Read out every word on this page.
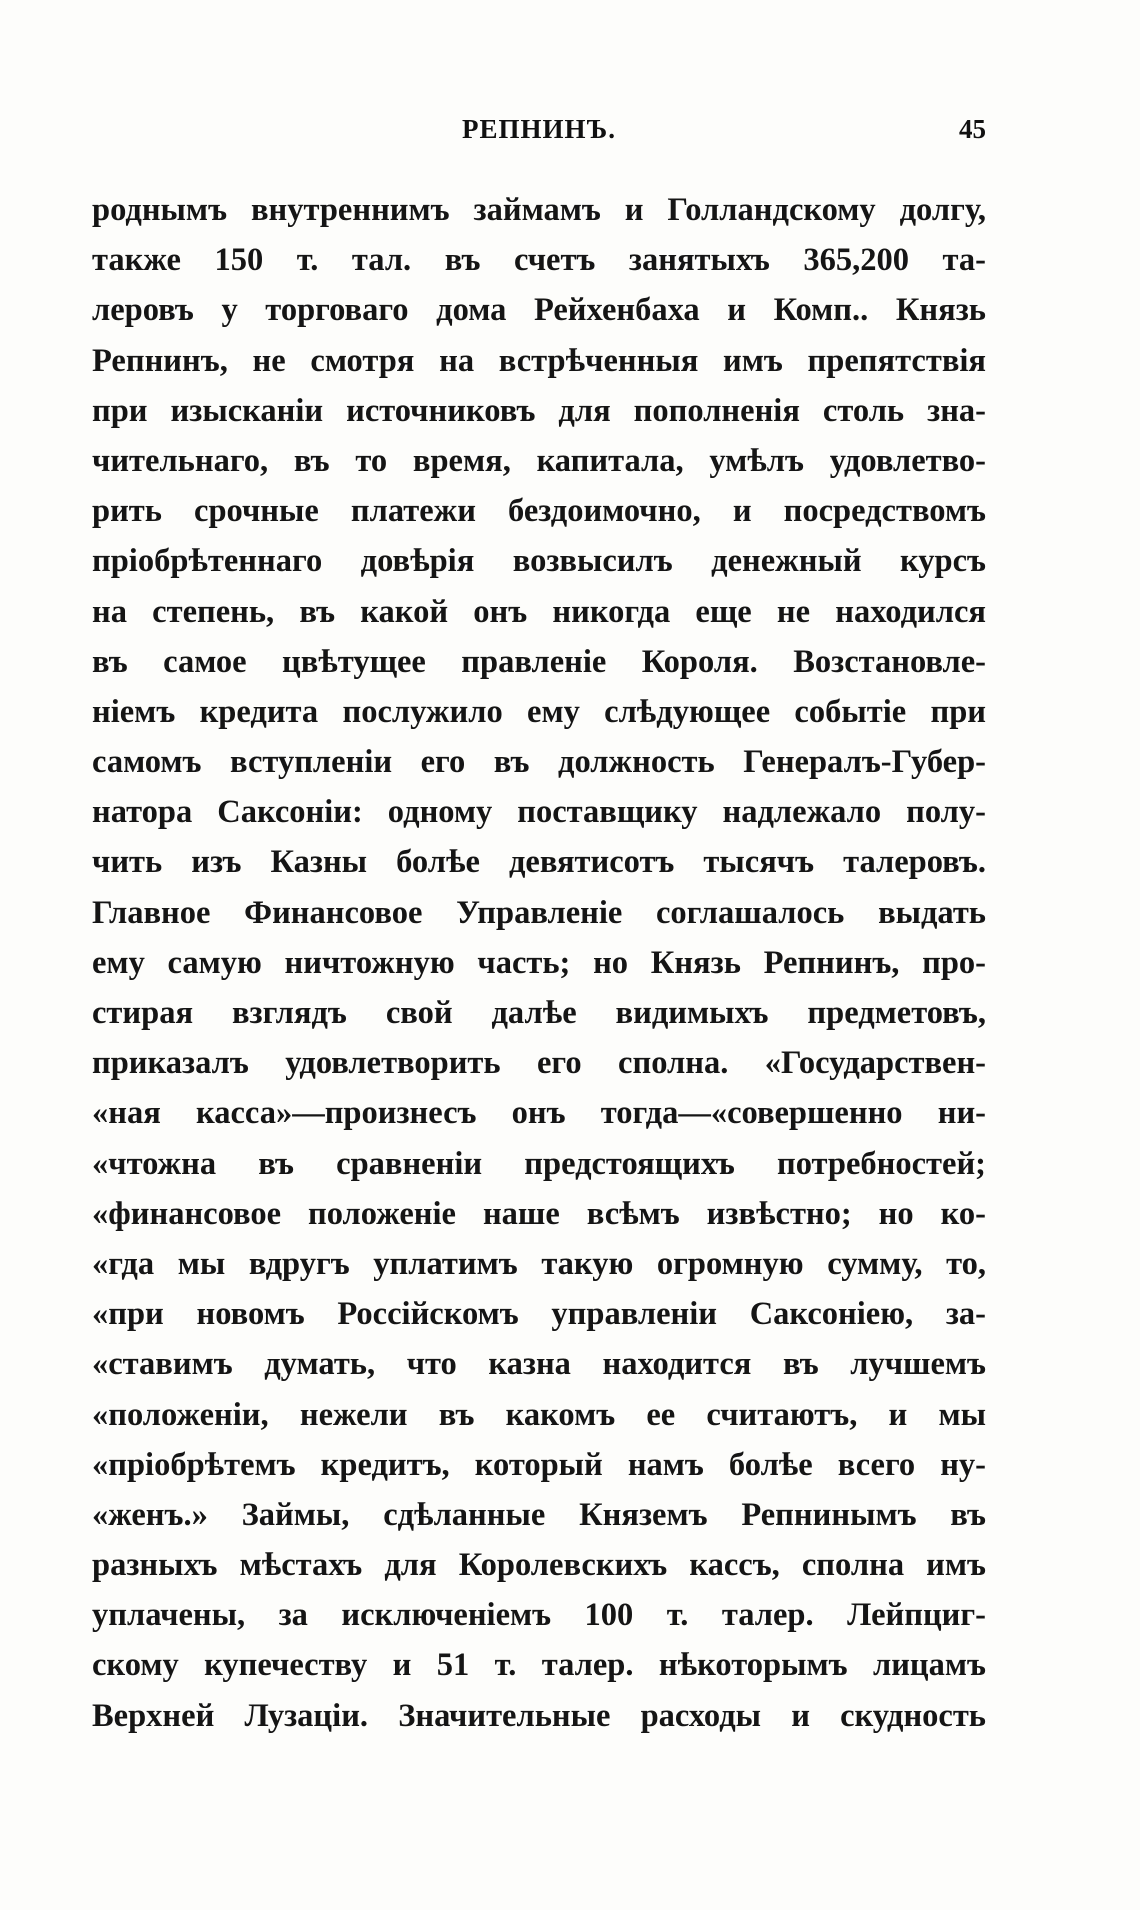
РЕПНИНЪ.	45
роднымъ внутреннимъ займамъ и Голландскому долгу,
также 150 т. тал. въ счетъ занятыхъ 365,200 та-
леровъ у торговаго дома Рейхенбаха и Комп.. Князь
Репнинъ, не смотря на встрѣченныя имъ препятствія
при изысканіи источниковъ для пополненія столь зна-
чительнаго, въ то время, капитала, умѣлъ удовлетво-
рить срочные платежи бездоимочно, и посредствомъ
пріобрѣтеннаго довѣрія возвысилъ денежный курсъ
на степень, въ какой онъ никогда еще не находился
въ самое цвѣтущее правленіе Короля. Возстановле-
ніемъ кредита послужило ему слѣдующее событіе при
самомъ вступленіи его въ должность Генералъ-Губер-
натора Саксоніи: одному поставщику надлежало полу-
чить изъ Казны болѣе девятисотъ тысячъ талеровъ.
Главное Финансовое Управленіе соглашалось выдать
ему самую ничтожную часть; но Князь Репнинъ, про-
стирая взглядъ свой далѣе видимыхъ предметовъ,
приказалъ удовлетворить его сполна. «Государствен-
«ная касса»—произнесъ онъ тогда—«совершенно ни-
«чтожна въ сравненіи предстоящихъ потребностей;
«финансовое положеніе наше всѣмъ извѣстно; но ко-
«гда мы вдругъ уплатимъ такую огромную сумму, то,
«при новомъ Россійскомъ управленіи Саксоніею, за-
«ставимъ думать, что казна находится въ лучшемъ
«положеніи, нежели въ какомъ ее считаютъ, и мы
«пріобрѣтемъ кредитъ, который намъ болѣе всего ну-
«женъ.» Займы, сдѣланные Княземъ Репнинымъ въ
разныхъ мѣстахъ для Королевскихъ кассъ, сполна имъ
уплачены, за исключеніемъ 100 т. талер. Лейпциг-
скому купечеству и 51 т. талер. нѣкоторымъ лицамъ
Верхней Лузаціи. Значительные расходы и скудность
